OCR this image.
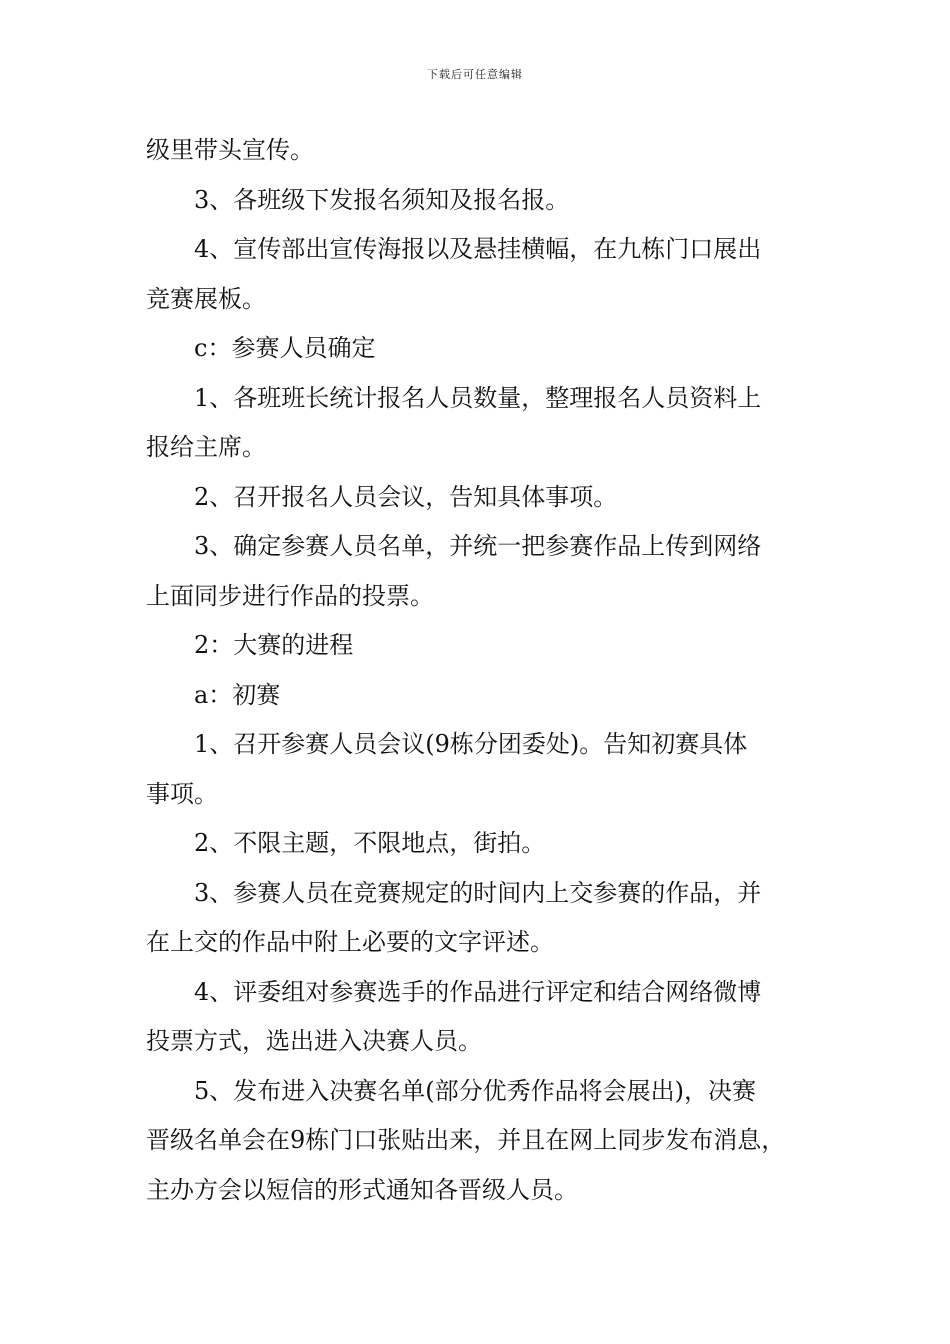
下载后可任意编辑
级里带头宣传。
3、各班级下发报名须知及报名报。
4、宣传部出宣传海报以及悬挂横幅，在九栋门口展出
竞赛展板。
c：参赛人员确定
1、各班班长统计报名人员数量，整理报名人员资料上
报给主席。
2、召开报名人员会议，告知具体事项。
3、确定参赛人员名单，并统一把参赛作品上传到网络
上面同步进行作品的投票。
2：大赛的进程
a：初赛
1、召开参赛人员会议(9栋分团委处)。告知初赛具体
事项。
2、不限主题，不限地点，街拍。
3、参赛人员在竞赛规定的时间内上交参赛的作品，并
在上交的作品中附上必要的文字评述。
4、评委组对参赛选手的作品进行评定和结合网络微博
投票方式，选出进入决赛人员。
5、发布进入决赛名单(部分优秀作品将会展出)，决赛
晋级名单会在9栋门口张贴出来，并且在网上同步发布消息，
主办方会以短信的形式通知各晋级人员。
